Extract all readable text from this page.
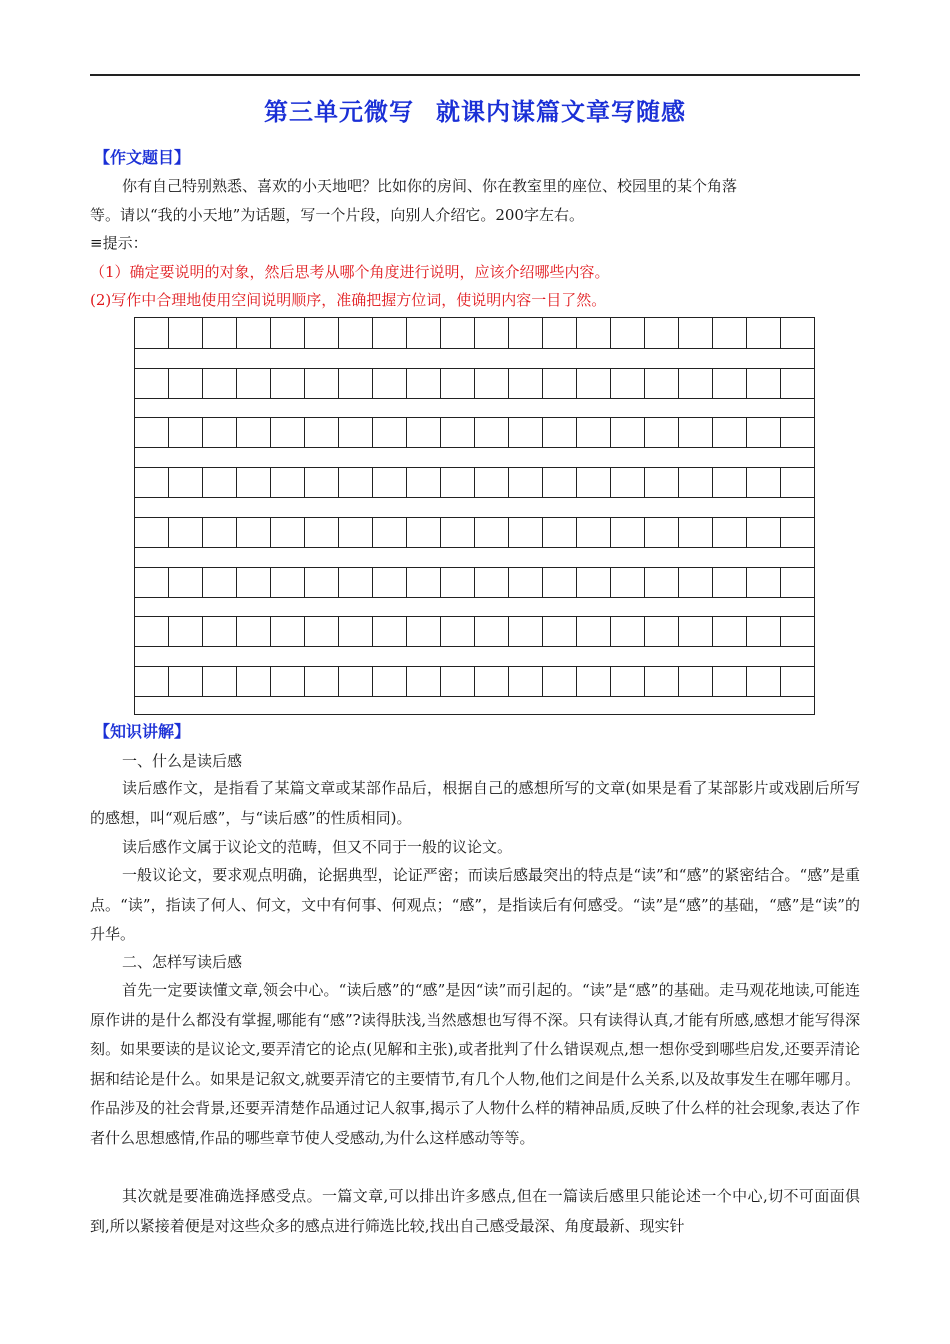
第三单元微写 就课内谋篇文章写随感
【作文题目】

你有自己特别熟悉、喜欢的小天地吧？比如你的房间、你在教室里的座位、校园里的某个角落

等。请以“我的小天地”为话题，写一个片段，向别人介绍它。200字左右。

≡提示：

（1）确定要说明的对象，然后思考从哪个角度进行说明，应该介绍哪些内容。

(2)写作中合理地使用空间说明顺序，准确把握方位词，使说明内容一目了然。

【知识讲解】

一、什么是读后感

读后感作文，是指看了某篇文章或某部作品后，根据自己的感想所写的文章(如果是看了某部影片或戏剧后所写的感想，叫“观后感”，与“读后感”的性质相同)。

读后感作文属于议论文的范畴，但又不同于一般的议论文。

一般议论文，要求观点明确，论据典型，论证严密；而读后感最突出的特点是“读”和“感”的紧密结合。“感”是重点。“读”，指读了何人、何文，文中有何事、何观点；“感”，是指读后有何感受。“读”是“感”的基础，“感”是“读”的升华。

二、怎样写读后感

首先一定要读懂文章,领会中心。“读后感”的“感”是因“读”而引起的。“读”是“感”的基础。走马观花地读,可能连原作讲的是什么都没有掌握,哪能有“感”?读得肤浅,当然感想也写得不深。只有读得认真,才能有所感,感想才能写得深刻。如果要读的是议论文,要弄清它的论点(见解和主张),或者批判了什么错误观点,想一想你受到哪些启发,还要弄清论据和结论是什么。如果是记叙文,就要弄清它的主要情节,有几个人物,他们之间是什么关系,以及故事发生在哪年哪月。作品涉及的社会背景,还要弄清楚作品通过记人叙事,揭示了人物什么样的精神品质,反映了什么样的社会现象,表达了作者什么思想感情,作品的哪些章节使人受感动,为什么这样感动等等。

其次就是要准确选择感受点。一篇文章,可以排出许多感点,但在一篇读后感里只能论述一个中心,切不可面面俱到,所以紧接着便是对这些众多的感点进行筛选比较,找出自己感受最深、角度最新、现实针
